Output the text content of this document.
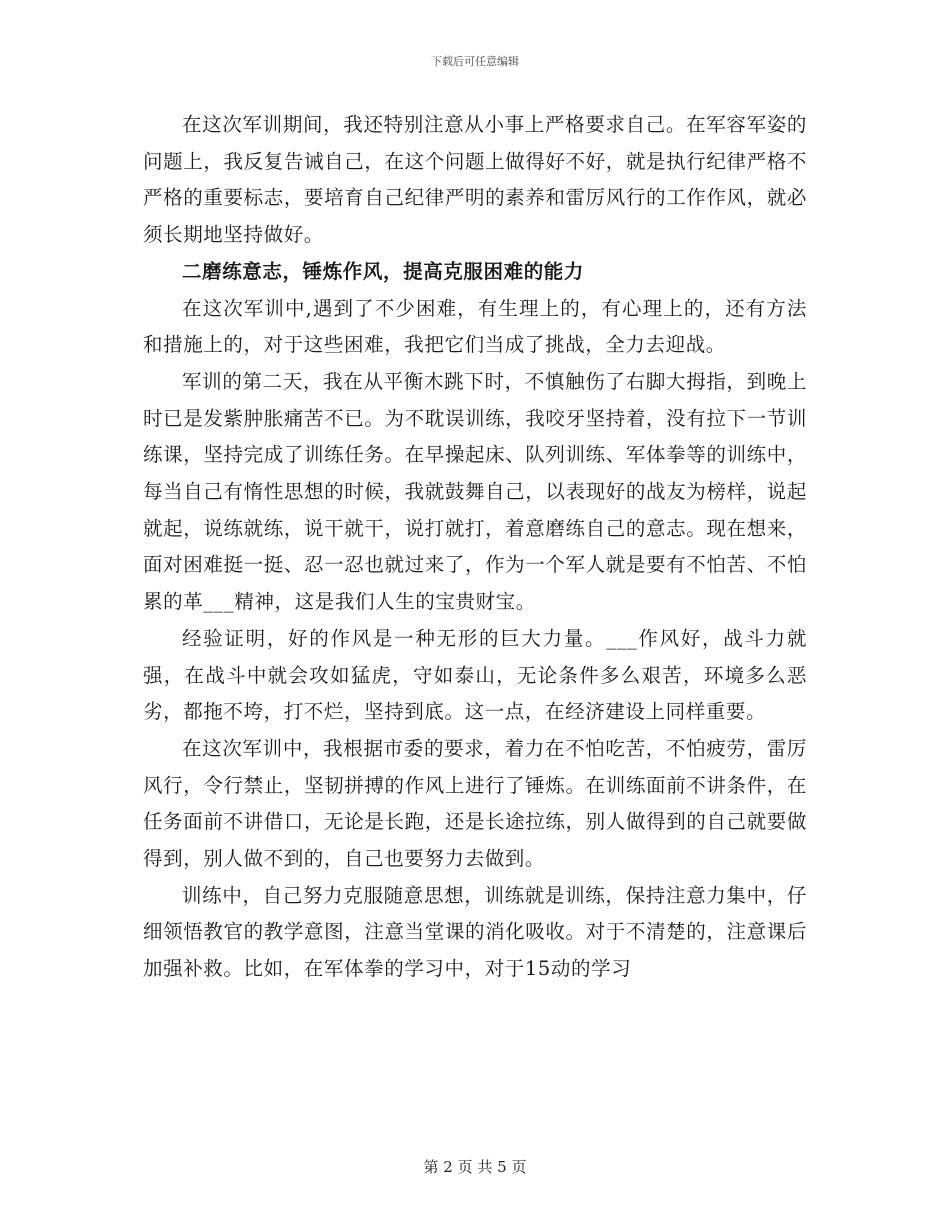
下载后可任意编辑

在这次军训期间，我还特别注意从小事上严格要求自己。在军容军姿的问题上，我反复告诫自己，在这个问题上做得好不好，就是执行纪律严格不严格的重要标志，要培育自己纪律严明的素养和雷厉风行的工作作风，就必须长期地坚持做好。

二磨练意志，锤炼作风，提高克服困难的能力

在这次军训中,遇到了不少困难，有生理上的，有心理上的，还有方法和措施上的，对于这些困难，我把它们当成了挑战，全力去迎战。

军训的第二天，我在从平衡木跳下时，不慎触伤了右脚大拇指，到晚上时已是发紫肿胀痛苦不已。为不耽误训练，我咬牙坚持着，没有拉下一节训练课，坚持完成了训练任务。在早操起床、队列训练、军体拳等的训练中，每当自己有惰性思想的时候，我就鼓舞自己，以表现好的战友为榜样，说起就起，说练就练，说干就干，说打就打，着意磨练自己的意志。现在想来，面对困难挺一挺、忍一忍也就过来了，作为一个军人就是要有不怕苦、不怕累的革___精神，这是我们人生的宝贵财宝。

经验证明，好的作风是一种无形的巨大力量。___作风好，战斗力就强，在战斗中就会攻如猛虎，守如泰山，无论条件多么艰苦，环境多么恶劣，都拖不垮，打不烂，坚持到底。这一点，在经济建设上同样重要。

在这次军训中，我根据市委的要求，着力在不怕吃苦，不怕疲劳，雷厉风行，令行禁止，坚韧拼搏的作风上进行了锤炼。在训练面前不讲条件，在任务面前不讲借口，无论是长跑，还是长途拉练，别人做得到的自己就要做得到，别人做不到的，自己也要努力去做到。

训练中，自己努力克服随意思想，训练就是训练，保持注意力集中，仔细领悟教官的教学意图，注意当堂课的消化吸收。对于不清楚的，注意课后加强补救。比如，在军体拳的学习中，对于15动的学习

第 2 页 共 5 页
